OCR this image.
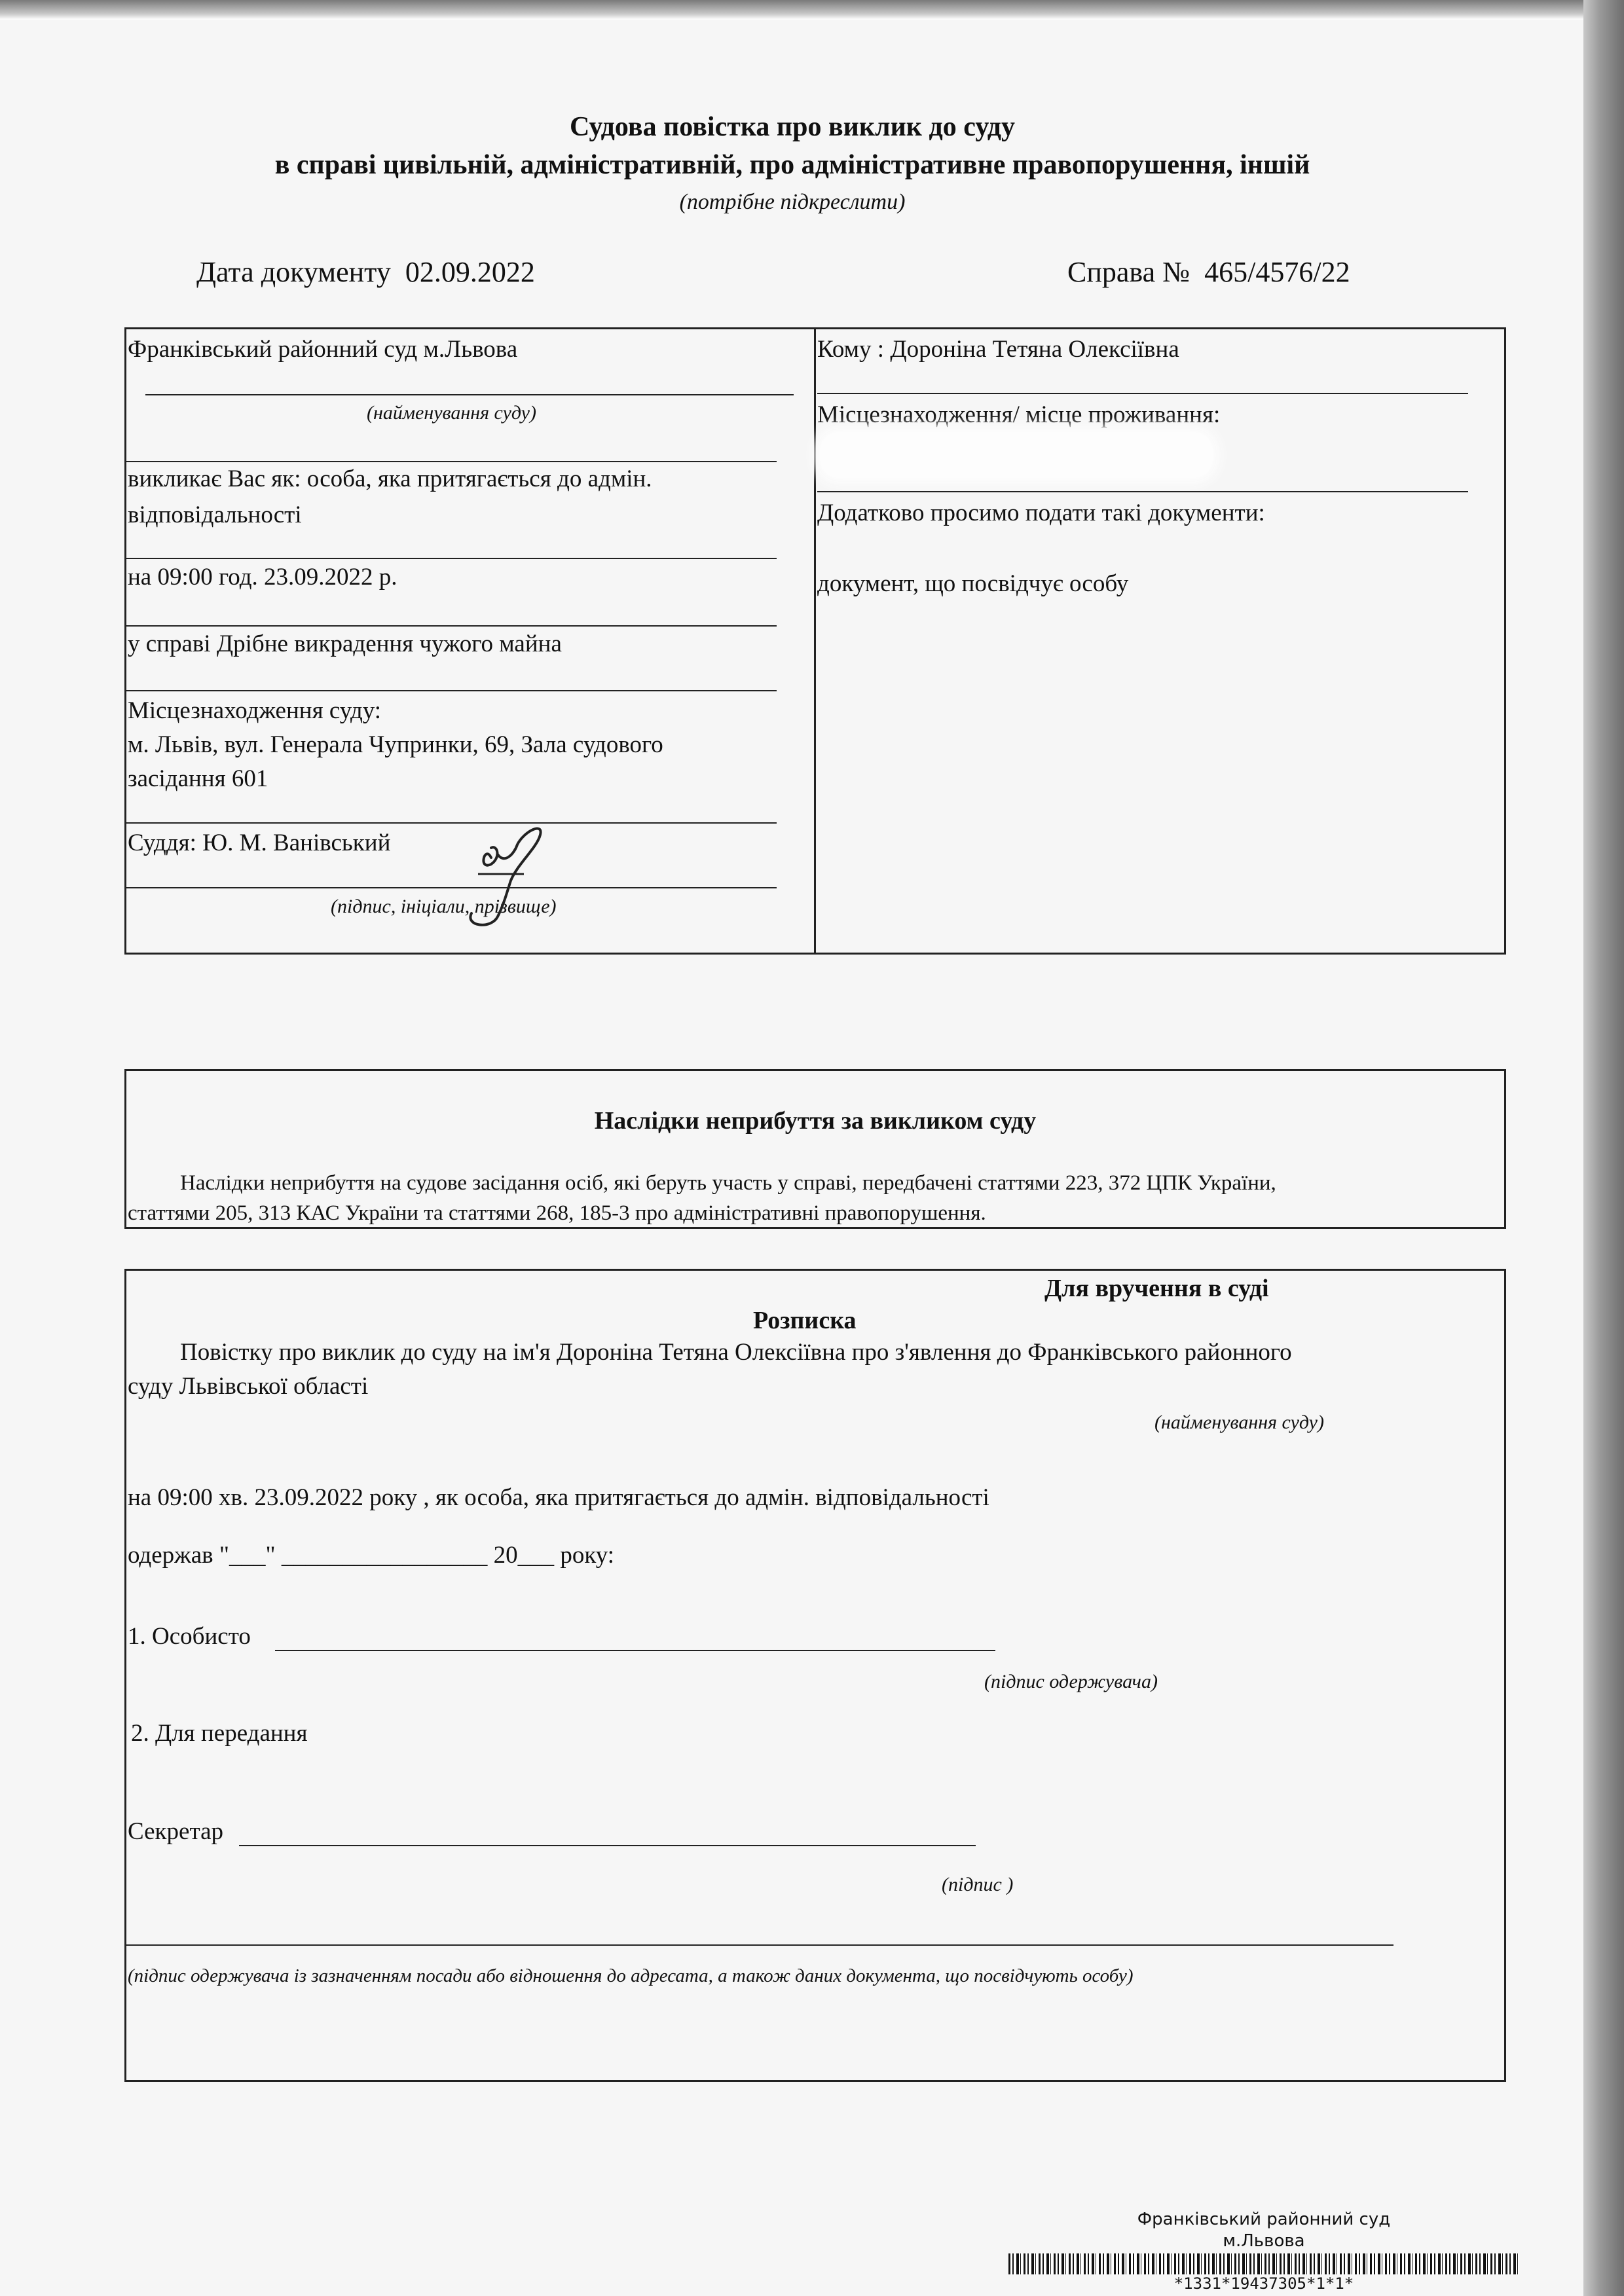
Судова повістка про виклик до суду
в справі цивільній, адміністративній, про адміністративне правопорушення, іншій
(потрібне підкреслити)
Дата документу 02.09.2022	Справа № 465/4576/22
Франківський районний суд м.Львова
(найменування суду)
викликає Вас як: особа, яка притягається до адмін.
відповідальності
на 09:00 год. 23.09.2022 р.
у справі Дрібне викрадення чужого майна
Місцезнаходження суду:
м. Львів, вул. Генерала Чупринки, 69, Зала судового
засідання 601
Суддя: Ю. М. Ванівський
(підпис, ініціали, прізвище)
Кому : Дороніна Тетяна Олексіївна
Місцезнаходження/ місце проживання:
Додатково просимо подати такі документи:
документ, що посвідчує особу
Наслідки неприбуття за викликом суду
Наслідки неприбуття на судове засідання осіб, які беруть участь у справі, передбачені статтями 223, 372 ЦПК України,
статтями 205, 313 КАС України та статтями 268, 185-3 про адміністративні правопорушення.
Для вручення в суді
Розписка
Повістку про виклик до суду на ім'я Дороніна Тетяна Олексіївна про з'явлення до Франківського районного
суду Львівської області
(найменування суду)
на 09:00 хв. 23.09.2022 року , як особа, яка притягається до адмін. відповідальності
одержав "___" _________________ 20___ року:
1. Особисто
(підпис одержувача)
2. Для передання
Секретар
(підпис )
(підпис одержувача із зазначенням посади або відношення до адресата, а також даних документа, що посвідчують особу)
Франківський районний суд
м.Львова
*1331*19437305*1*1*
